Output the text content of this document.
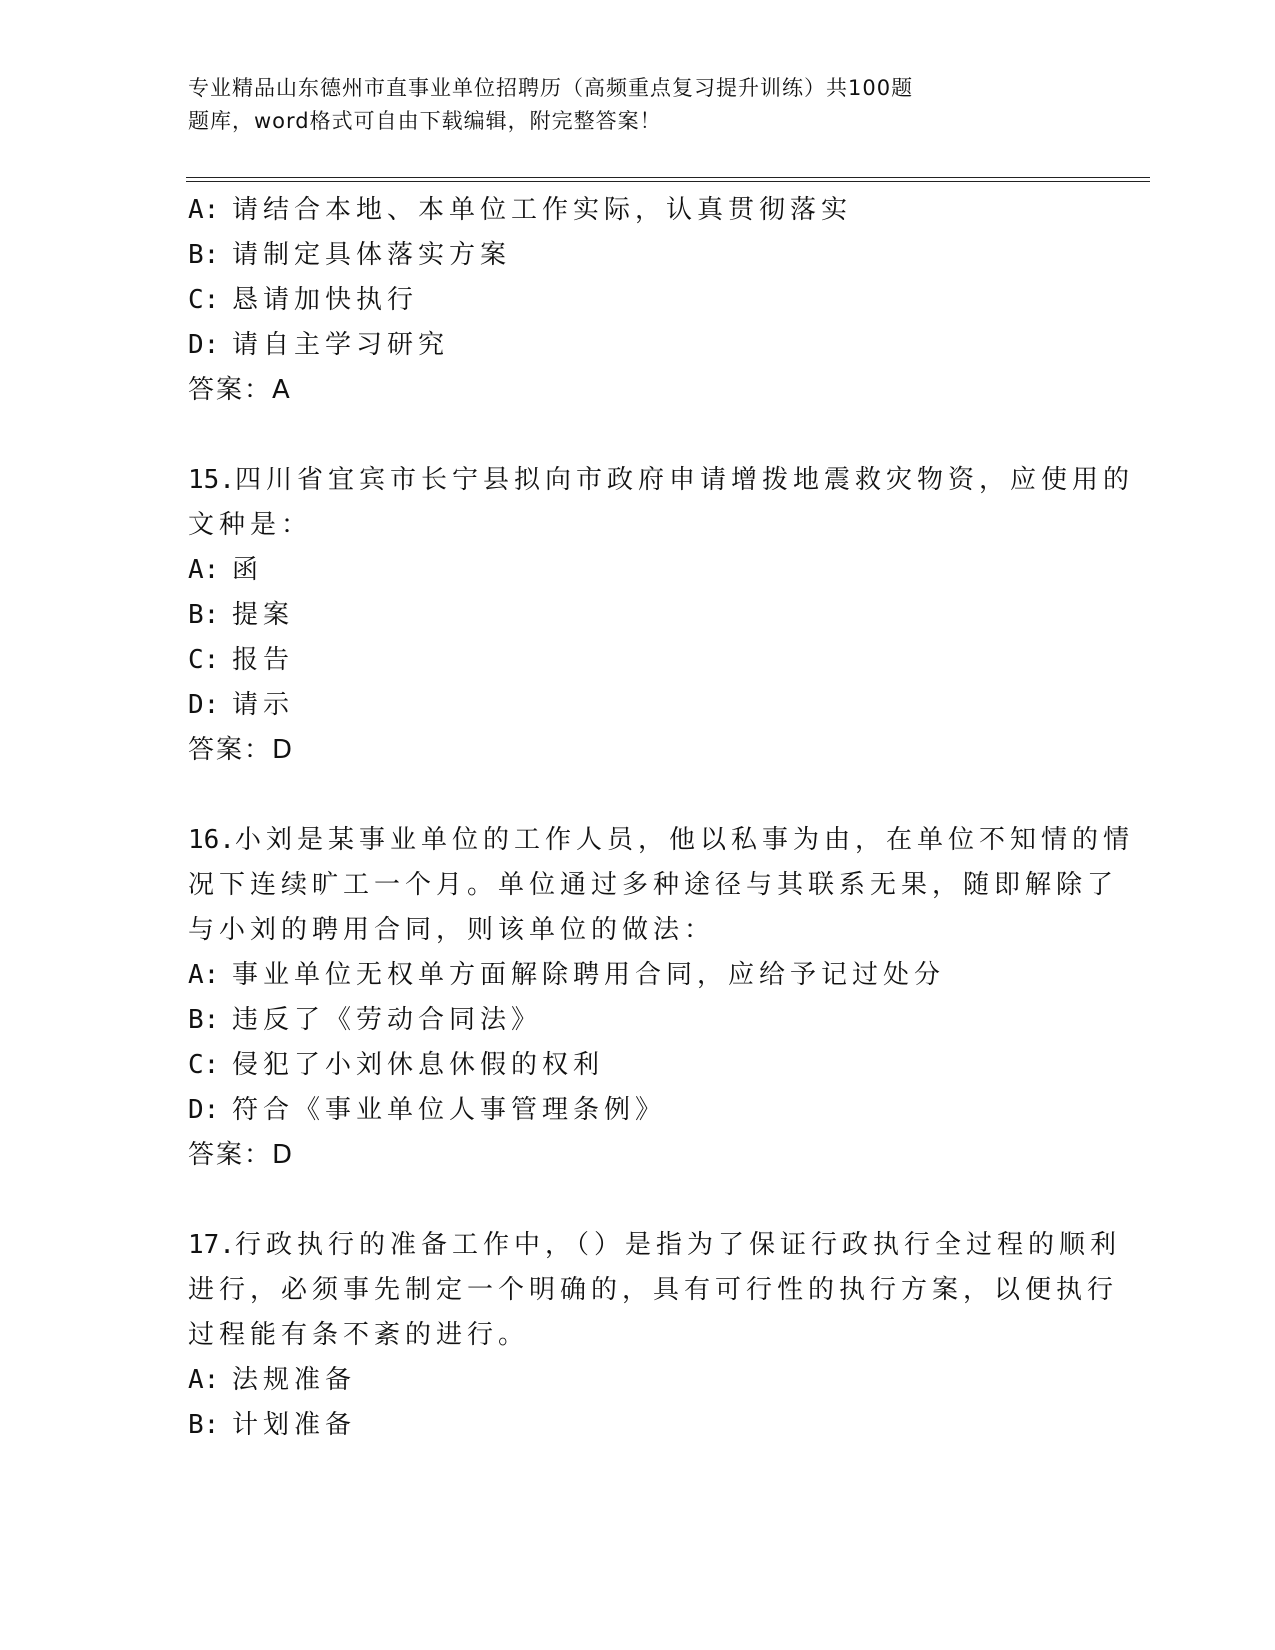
专业精品山东德州市直事业单位招聘历（高频重点复习提升训练）共100题
题库，word格式可自由下载编辑，附完整答案！
A: 请结合本地、本单位工作实际，认真贯彻落实
B: 请制定具体落实方案
C: 恳请加快执行
D: 请自主学习研究
答案：A
15.四川省宜宾市长宁县拟向市政府申请增拨地震救灾物资，应使用的
文种是：
A: 函
B: 提案
C: 报告
D: 请示
答案：D
16.小刘是某事业单位的工作人员，他以私事为由，在单位不知情的情
况下连续旷工一个月。单位通过多种途径与其联系无果，随即解除了
与小刘的聘用合同，则该单位的做法：
A: 事业单位无权单方面解除聘用合同，应给予记过处分
B: 违反了《劳动合同法》
C: 侵犯了小刘休息休假的权利
D: 符合《事业单位人事管理条例》
答案：D
17.行政执行的准备工作中，（）是指为了保证行政执行全过程的顺利
进行，必须事先制定一个明确的，具有可行性的执行方案，以便执行
过程能有条不紊的进行。
A: 法规准备
B: 计划准备
